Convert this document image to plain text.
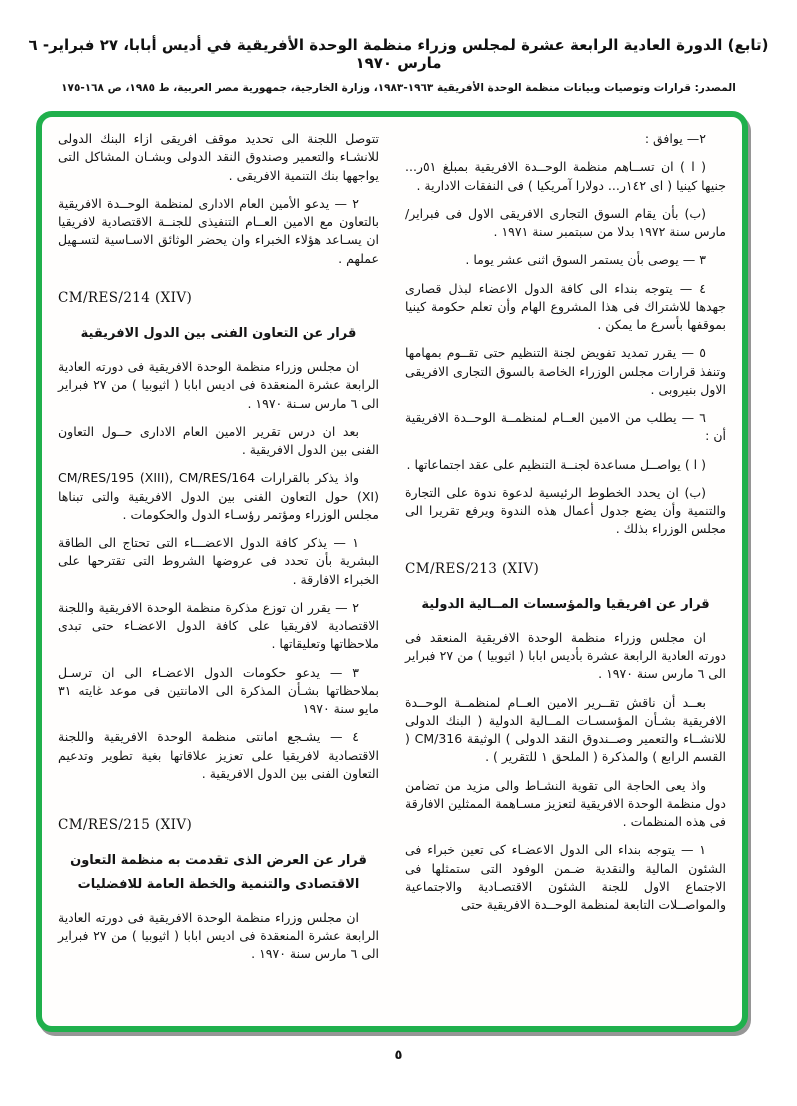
(تابع) الدورة العادية الرابعة عشرة لمجلس وزراء منظمة الوحدة الأفريقية في أديس أبابا، ٢٧ فبراير- ٦ مارس ١٩٧٠
المصدر: قرارات وتوصيات وبيانات منظمة الوحدة الأفريقية ١٩٦٣-١٩٨٣، وزارة الخارجية، جمهورية مصر العربية، ط ١٩٨٥، ص ١٦٨-١٧٥
٢— يوافق :
( ا ) ان تســاهم منظمة الوحــدة الافريقية بمبلغ ٥١ر... جنيها كينيا ( اى ١٤٢ر... دولارا آمريكيا ) فى النفقات الادارية .
(ب) بأن يقام السوق التجارى الافريقى الاول فى فبراير/مارس سنة ١٩٧٢ بدلا من سبتمبر سنة ١٩٧١ .
٣ — يوصى بأن يستمر السوق اثنى عشر يوما .
٤ — يتوجه بنداء الى كافة الدول الاعضاء لبذل قصارى جهدها للاشتراك فى هذا المشروع الهام وأن تعلم حكومة كينيا بموقفها بأسرع ما يمكن .
٥ — يقرر تمديد تفويض لجنة التنظيم حتى تقــوم بمهامها وتنفذ قرارات مجلس الوزراء الخاصة بالسوق التجارى الافريقى الاول بنيروبى .
٦ — يطلب من الامين العــام لمنظمــة الوحــدة الافريقية أن :
( ا ) يواصــل مساعدة لجنــة التنظيم على عقد اجتماعاتها .
(ب) ان يحدد الخطوط الرئيسية لدعوة ندوة على التجارة والتنمية وأن يضع جدول أعمال هذه الندوة ويرفع تقريرا الى مجلس الوزراء بذلك .
CM/RES/213 (XIV)
قرار عن افريقيا والمؤسسات المــالية الدولية
ان مجلس وزراء منظمة الوحدة الافريقية المنعقد فى دورته العادية الرابعة عشرة بأديس ابابا ( اثيوبيا ) من ٢٧ فبراير الى ٦ مارس سنة ١٩٧٠ .
بعــد أن ناقش تقــرير الامين العــام لمنظمــة الوحــدة الافريقية بشـأن المؤسسـات المــالية الدولية ( البنك الدولى للانشــاء والتعمير وصــندوق النقد الدولى ) الوثيقة CM/316 ( القسم الرابع ) والمذكرة ( الملحق ١ للتقرير ) .
واذ يعى الحاجة الى تقوية النشـاط والى مزيد من تضامن دول منظمة الوحدة الافريقية لتعزيز مسـاهمة الممثلين الافارقة فى هذه المنظمات .
١ — يتوجه بنداء الى الدول الاعضـاء كى تعين خبراء فى الشئون المالية والنقدية ضـمن الوفود التى ستمثلها فى الاجتماع الاول للجنة الشئون الاقتصـادية والاجتماعية والمواصــلات التابعة لمنظمة الوحــدة الافريقية حتى
تتوصل اللجنة الى تحديد موقف افريقى ازاء البنك الدولى للانشـاء والتعمير وصندوق النقد الدولى وبشـان المشاكل التى يواجهها بنك التنمية الافريقى .
٢ — يدعو الأمين العام الادارى لمنظمة الوحــدة الافريقية بالتعاون مع الامين العــام التنفيذى للجنــة الاقتصادية لافريقيا ان يسـاعد هؤلاء الخبراء وان يحضر الوثائق الاسـاسية لتسـهيل عملهم .
CM/RES/214 (XIV)
قرار عن التعاون الفنى بين الدول الافريقية
ان مجلس وزراء منظمة الوحدة الافريقية فى دورته العادية الرابعة عشرة المنعقدة فى اديس ابابا ( اثيوبيا ) من ٢٧ فبراير الى ٦ مارس سـنة ١٩٧٠ .
بعد ان درس تقرير الامين العام الادارى حــول التعاون الفنى بين الدول الافريقية .
واذ يذكر بالقرارات CM/RES/195 (XIII), CM/RES/164 (XI) حول التعاون الفنى بين الدول الافريقية والتى تبناها مجلس الوزراء ومؤتمر رؤسـاء الدول والحكومات .
١ — يذكر كافة الدول الاعضـــاء التى تحتاج الى الطاقة البشرية بأن تحدد فى عروضها الشروط التى تقترحها على الخبراء الافارقة .
٢ — يقرر ان توزع مذكرة منظمة الوحدة الافريقية واللجنة الاقتصادية لافريقيا على كافة الدول الاعضـاء حتى تبدى ملاحظاتها وتعليقاتها .
٣ — يدعو حكومات الدول الاعضـاء الى ان ترسـل بملاحظاتها بشـأن المذكرة الى الامانتين فى موعد غايته ٣١ مايو سنة ١٩٧٠
٤ — يشـجع امانتى منظمة الوحدة الافريقية واللجنة الاقتصادية لافريقيا على تعزيز علاقاتها بغية تطوير وتدعيم التعاون الفنى بين الدول الافريقية .
CM/RES/215 (XIV)
قرار عن العرض الذى تقدمت به منظمة التعاون الاقتصادى والتنمية والخطة العامة للافضليات
ان مجلس وزراء منظمة الوحدة الافريقية فى دورته العادية الرابعة عشرة المنعقدة فى اديس ابابا ( اثيوبيا ) من ٢٧ فبراير الى ٦ مارس سنة ١٩٧٠ .
٥
